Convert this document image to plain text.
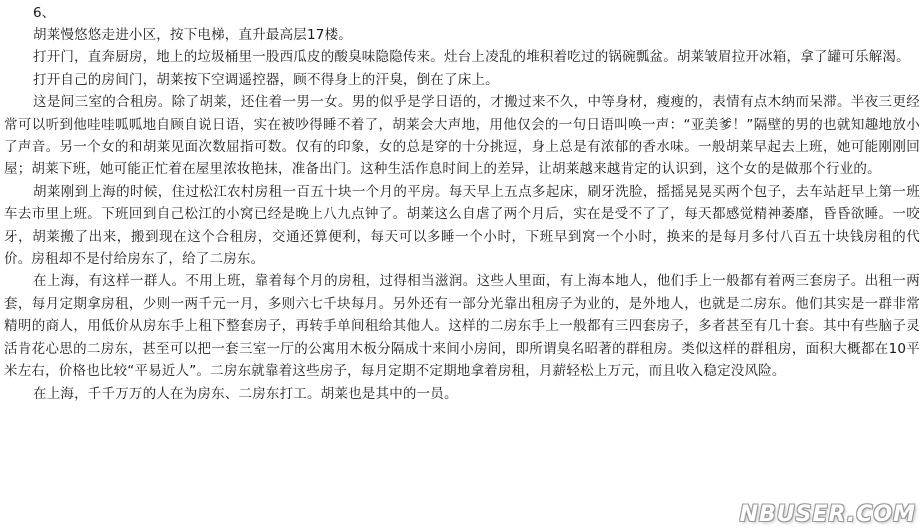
6、

胡莱慢悠悠走进小区，按下电梯，直升最高层17楼。

打开门，直奔厨房，地上的垃圾桶里一股西瓜皮的酸臭味隐隐传来。灶台上凌乱的堆积着吃过的锅碗瓢盆。胡莱皱眉拉开冰箱，拿了罐可乐解渴。

打开自己的房间门，胡莱按下空调遥控器，顾不得身上的汗臭，倒在了床上。

这是间三室的合租房。除了胡莱，还住着一男一女。男的似乎是学日语的，才搬过来不久，中等身材，瘦瘦的，表情有点木纳而呆滞。半夜三更经常可以听到他哇哇呱呱地自顾自说日语，实在被吵得睡不着了，胡莱会大声地，用他仅会的一句日语叫唤一声：“亚美爹！”隔壁的男的也就知趣地放小了声音。另一个女的和胡莱见面次数屈指可数。仅有的印象，女的总是穿的十分挑逗，身上总是有浓郁的香水味。一般胡莱早起去上班，她可能刚刚回屋；胡莱下班，她可能正忙着在屋里浓妆艳抹，准备出门。这种生活作息时间上的差异，让胡莱越来越肯定的认识到，这个女的是做那个行业的。

胡莱刚到上海的时候，住过松江农村房租一百五十块一个月的平房。每天早上五点多起床，刷牙洗脸，摇摇晃晃买两个包子，去车站赶早上第一班车去市里上班。下班回到自己松江的小窝已经是晚上八九点钟了。胡莱这么自虐了两个月后，实在是受不了了，每天都感觉精神萎靡，昏昏欲睡。一咬牙，胡莱搬了出来，搬到现在这个合租房，交通还算便利，每天可以多睡一个小时，下班早到窝一个小时，换来的是每月多付八百五十块钱房租的代价。房租却不是付给房东了，给了二房东。

在上海，有这样一群人。不用上班，靠着每个月的房租，过得相当滋润。这些人里面，有上海本地人，他们手上一般都有着两三套房子。出租一两套，每月定期拿房租，少则一两千元一月，多则六七千块每月。另外还有一部分光靠出租房子为业的，是外地人，也就是二房东。他们其实是一群非常精明的商人，用低价从房东手上租下整套房子，再转手单间租给其他人。这样的二房东手上一般都有三四套房子，多者甚至有几十套。其中有些脑子灵活肯花心思的二房东，甚至可以把一套三室一厅的公寓用木板分隔成十来间小房间，即所谓臭名昭著的群租房。类似这样的群租房，面积大概都在10平米左右，价格也比较“平易近人”。二房东就靠着这些房子，每月定期不定期地拿着房租，月薪轻松上万元，而且收入稳定没风险。

在上海，千千万万的人在为房东、二房东打工。胡莱也是其中的一员。

NBUSER.COM
